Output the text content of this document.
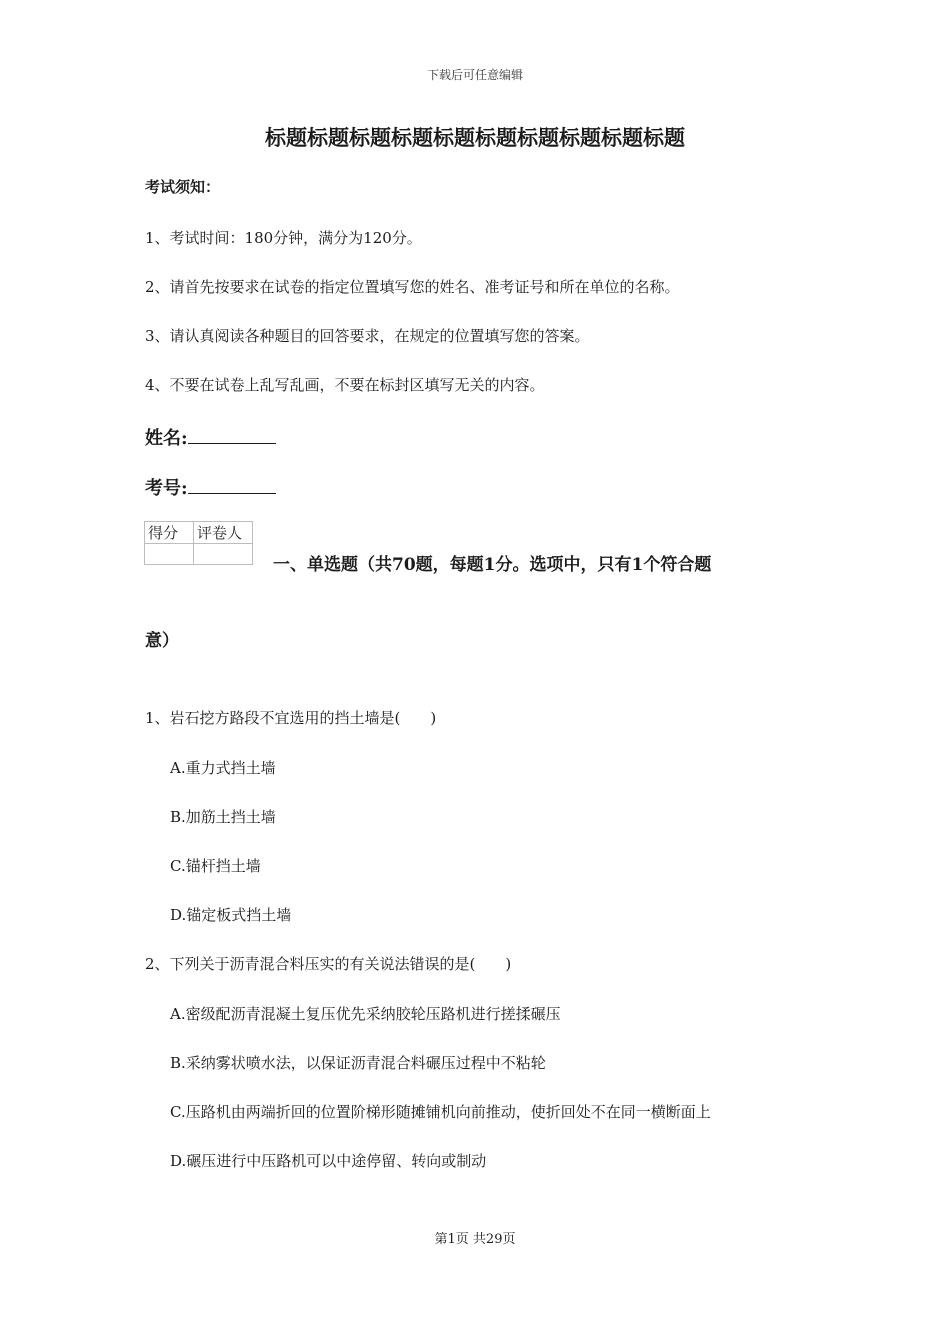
下载后可任意编辑
标题标题标题标题标题标题标题标题标题标题
考试须知：
1、考试时间：180分钟，满分为120分。
2、请首先按要求在试卷的指定位置填写您的姓名、准考证号和所在单位的名称。
3、请认真阅读各种题目的回答要求，在规定的位置填写您的答案。
4、不要在试卷上乱写乱画，不要在标封区填写无关的内容。
姓名:
考号:
得分	评卷人

一、单选题（共70题，每题1分。选项中，只有1个符合题
意）
1、岩石挖方路段不宜选用的挡土墙是(　　)
A.重力式挡土墙
B.加筋土挡土墙
C.锚杆挡土墙
D.锚定板式挡土墙
2、下列关于沥青混合料压实的有关说法错误的是(　　)
A.密级配沥青混凝土复压优先采纳胶轮压路机进行搓揉碾压
B.采纳雾状喷水法，以保证沥青混合料碾压过程中不粘轮
C.压路机由两端折回的位置阶梯形随摊铺机向前推动，使折回处不在同一横断面上
D.碾压进行中压路机可以中途停留、转向或制动
第1页 共29页
